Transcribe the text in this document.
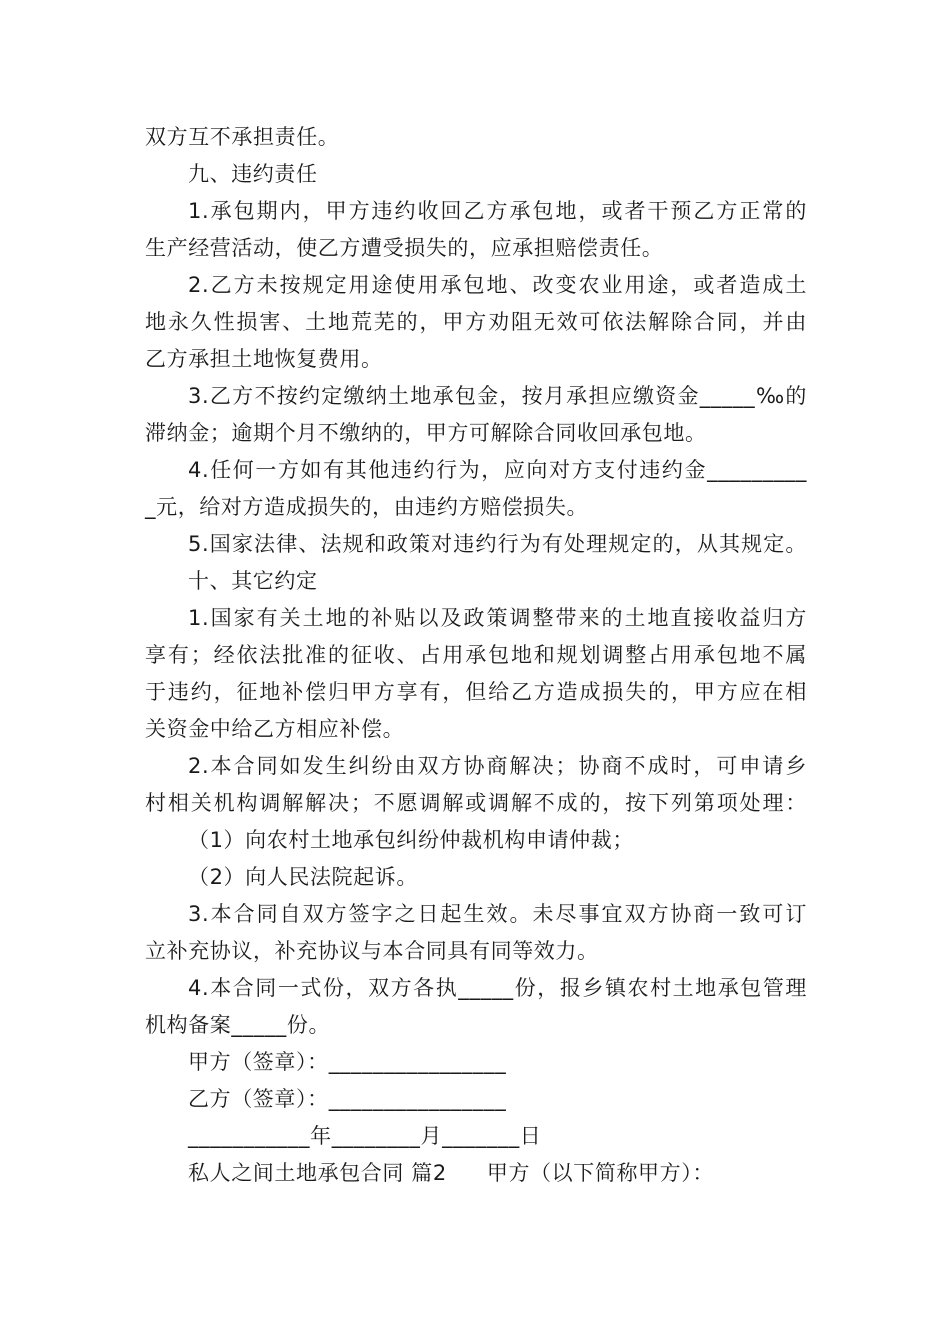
双方互不承担责任。
九、违约责任
1.承包期内，甲方违约收回乙方承包地，或者干预乙方正常的
生产经营活动，使乙方遭受损失的，应承担赔偿责任。
2.乙方未按规定用途使用承包地、改变农业用途，或者造成土
地永久性损害、土地荒芜的，甲方劝阻无效可依法解除合同，并由
乙方承担土地恢复费用。
3.乙方不按约定缴纳土地承包金，按月承担应缴资金_____‰的
滞纳金；逾期个月不缴纳的，甲方可解除合同收回承包地。
4.任何一方如有其他违约行为，应向对方支付违约金_________
_元，给对方造成损失的，由违约方赔偿损失。
5.国家法律、法规和政策对违约行为有处理规定的，从其规定。
十、其它约定
1.国家有关土地的补贴以及政策调整带来的土地直接收益归方
享有；经依法批准的征收、占用承包地和规划调整占用承包地不属
于违约，征地补偿归甲方享有，但给乙方造成损失的，甲方应在相
关资金中给乙方相应补偿。
2.本合同如发生纠纷由双方协商解决；协商不成时，可申请乡
村相关机构调解解决；不愿调解或调解不成的，按下列第项处理：
（1）向农村土地承包纠纷仲裁机构申请仲裁；
（2）向人民法院起诉。
3.本合同自双方签字之日起生效。未尽事宜双方协商一致可订
立补充协议，补充协议与本合同具有同等效力。
4.本合同一式份，双方各执_____份，报乡镇农村土地承包管理
机构备案_____份。
甲方（签章）：________________
乙方（签章）：________________
___________年________月_______日
私人之间土地承包合同 篇2 甲方（以下简称甲方）：
